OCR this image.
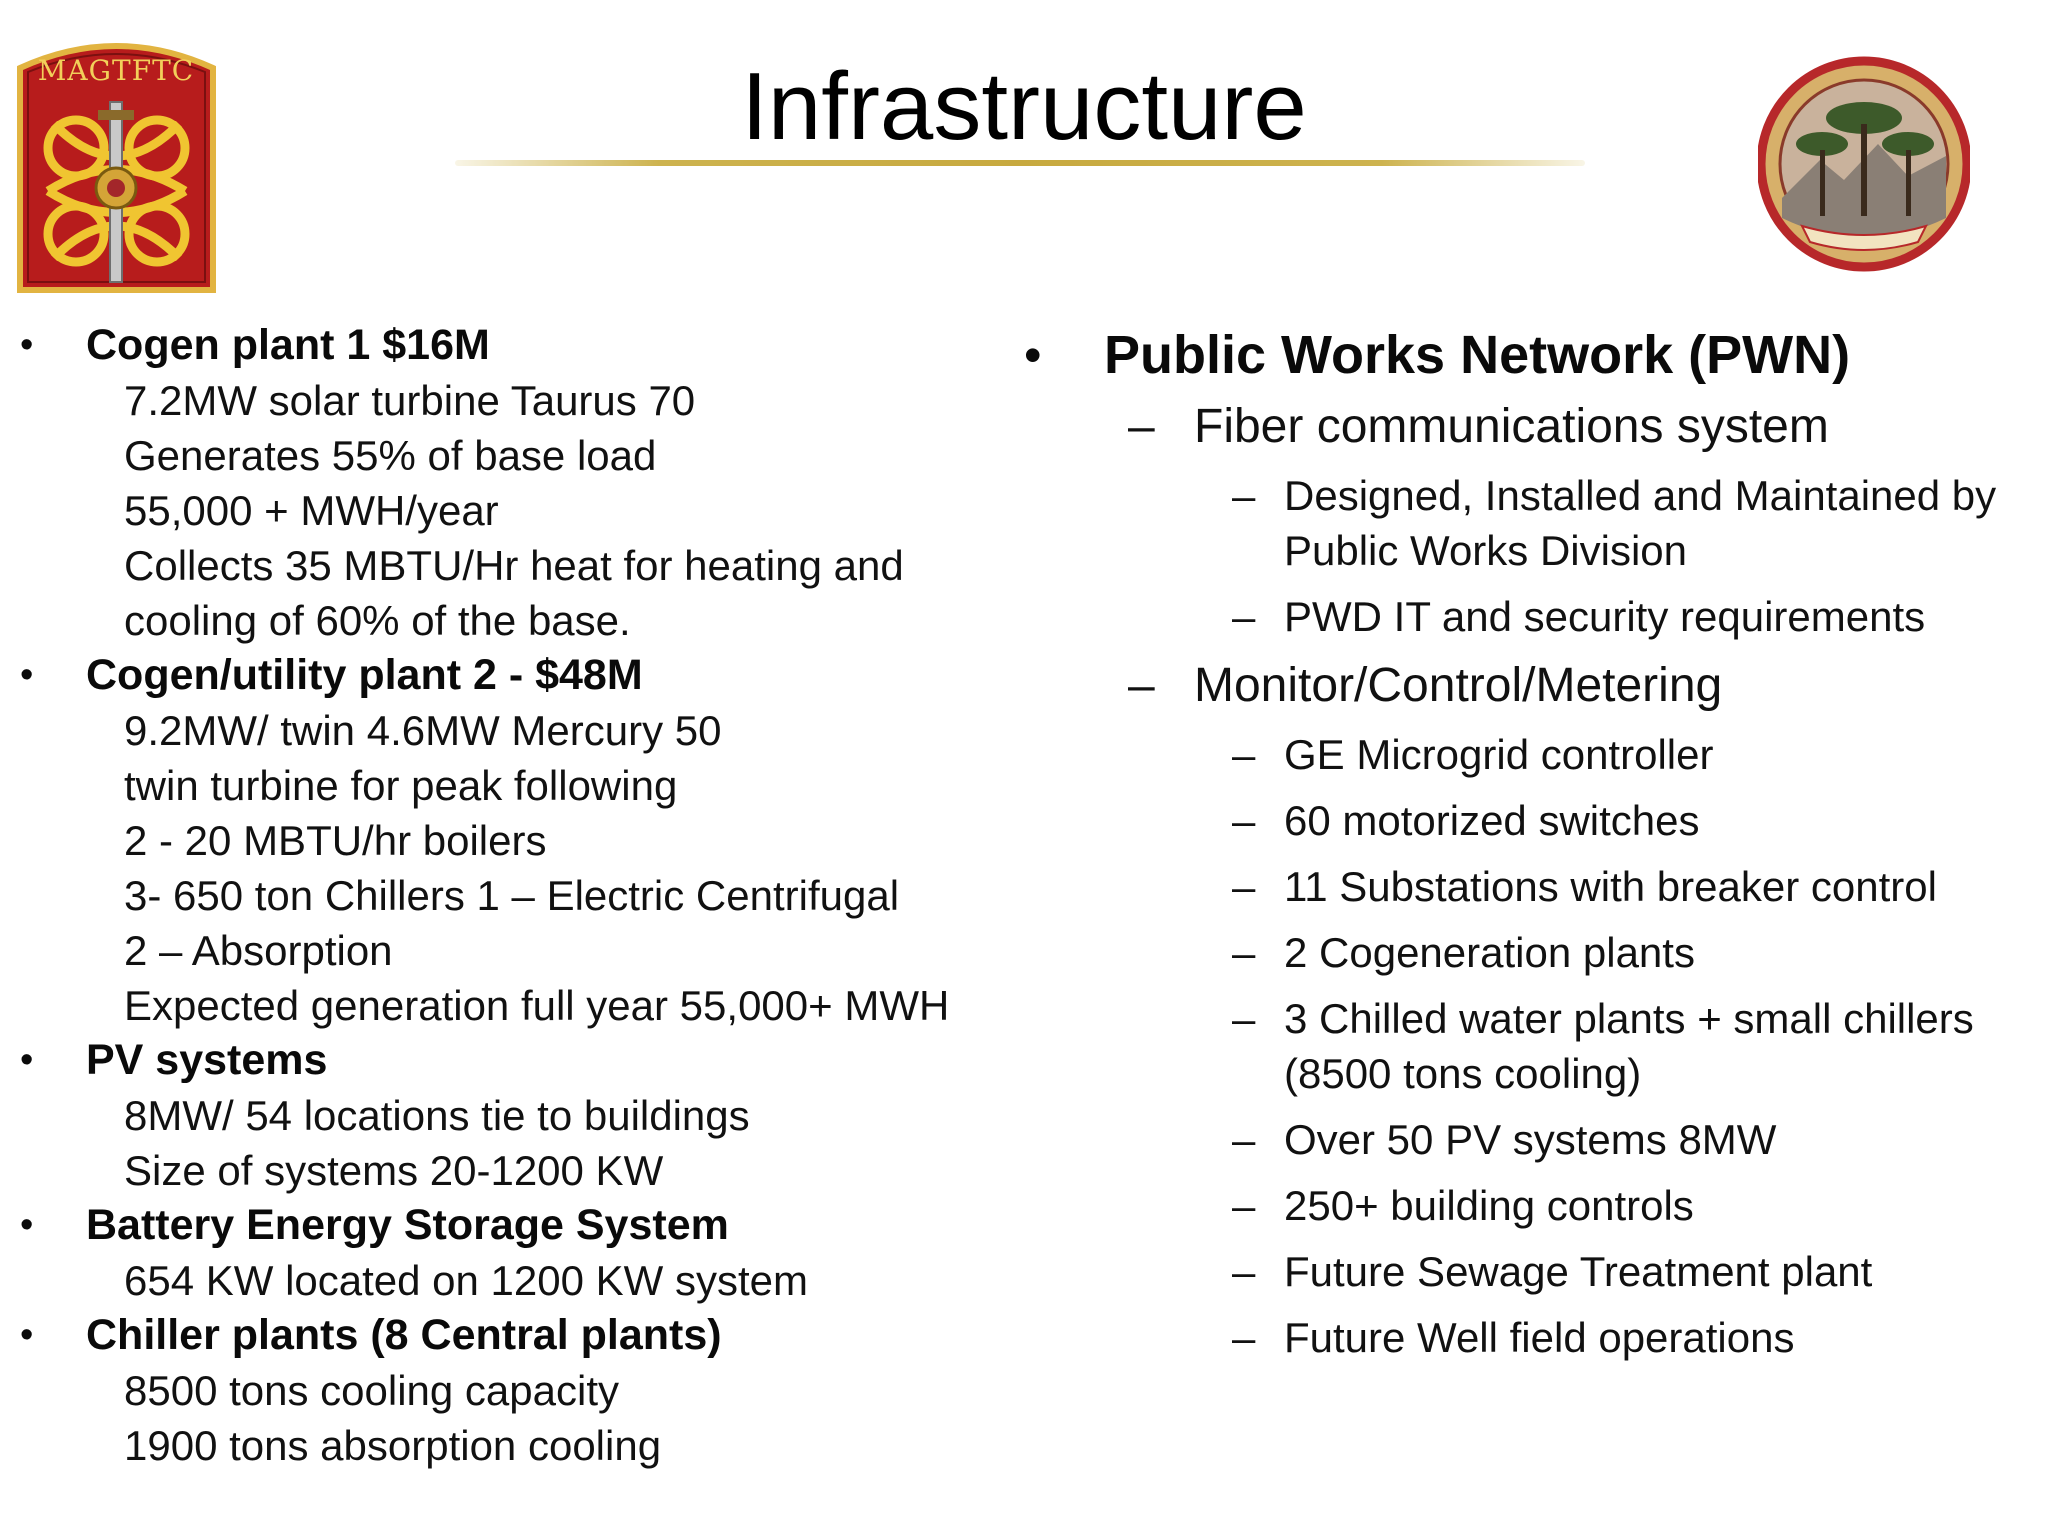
MAGTFTC	Infrastructure
• Cogen plant 1 $16M
7.2MW solar turbine Taurus 70
Generates 55% of base load
55,000 + MWH/year
Collects 35 MBTU/Hr heat for heating and
cooling of 60% of the base.
• Cogen/utility plant 2 - $48M
9.2MW/ twin 4.6MW Mercury 50
twin turbine for peak following
2 - 20 MBTU/hr boilers
3- 650 ton Chillers 1 – Electric Centrifugal
2 – Absorption
Expected generation full year 55,000+ MWH
• PV systems
8MW/ 54 locations tie to buildings
Size of systems 20-1200 KW
• Battery Energy Storage System
654 KW located on 1200 KW system
• Chiller plants (8 Central plants)
8500 tons cooling capacity
1900 tons absorption cooling
• Public Works Network (PWN)
– Fiber communications system
– Designed, Installed and Maintained by Public Works Division
– PWD IT and security requirements
– Monitor/Control/Metering
– GE Microgrid controller
– 60 motorized switches
– 11 Substations with breaker control
– 2 Cogeneration plants
– 3 Chilled water plants + small chillers (8500 tons cooling)
– Over 50 PV systems 8MW
– 250+ building controls
– Future Sewage Treatment plant
– Future Well field operations
